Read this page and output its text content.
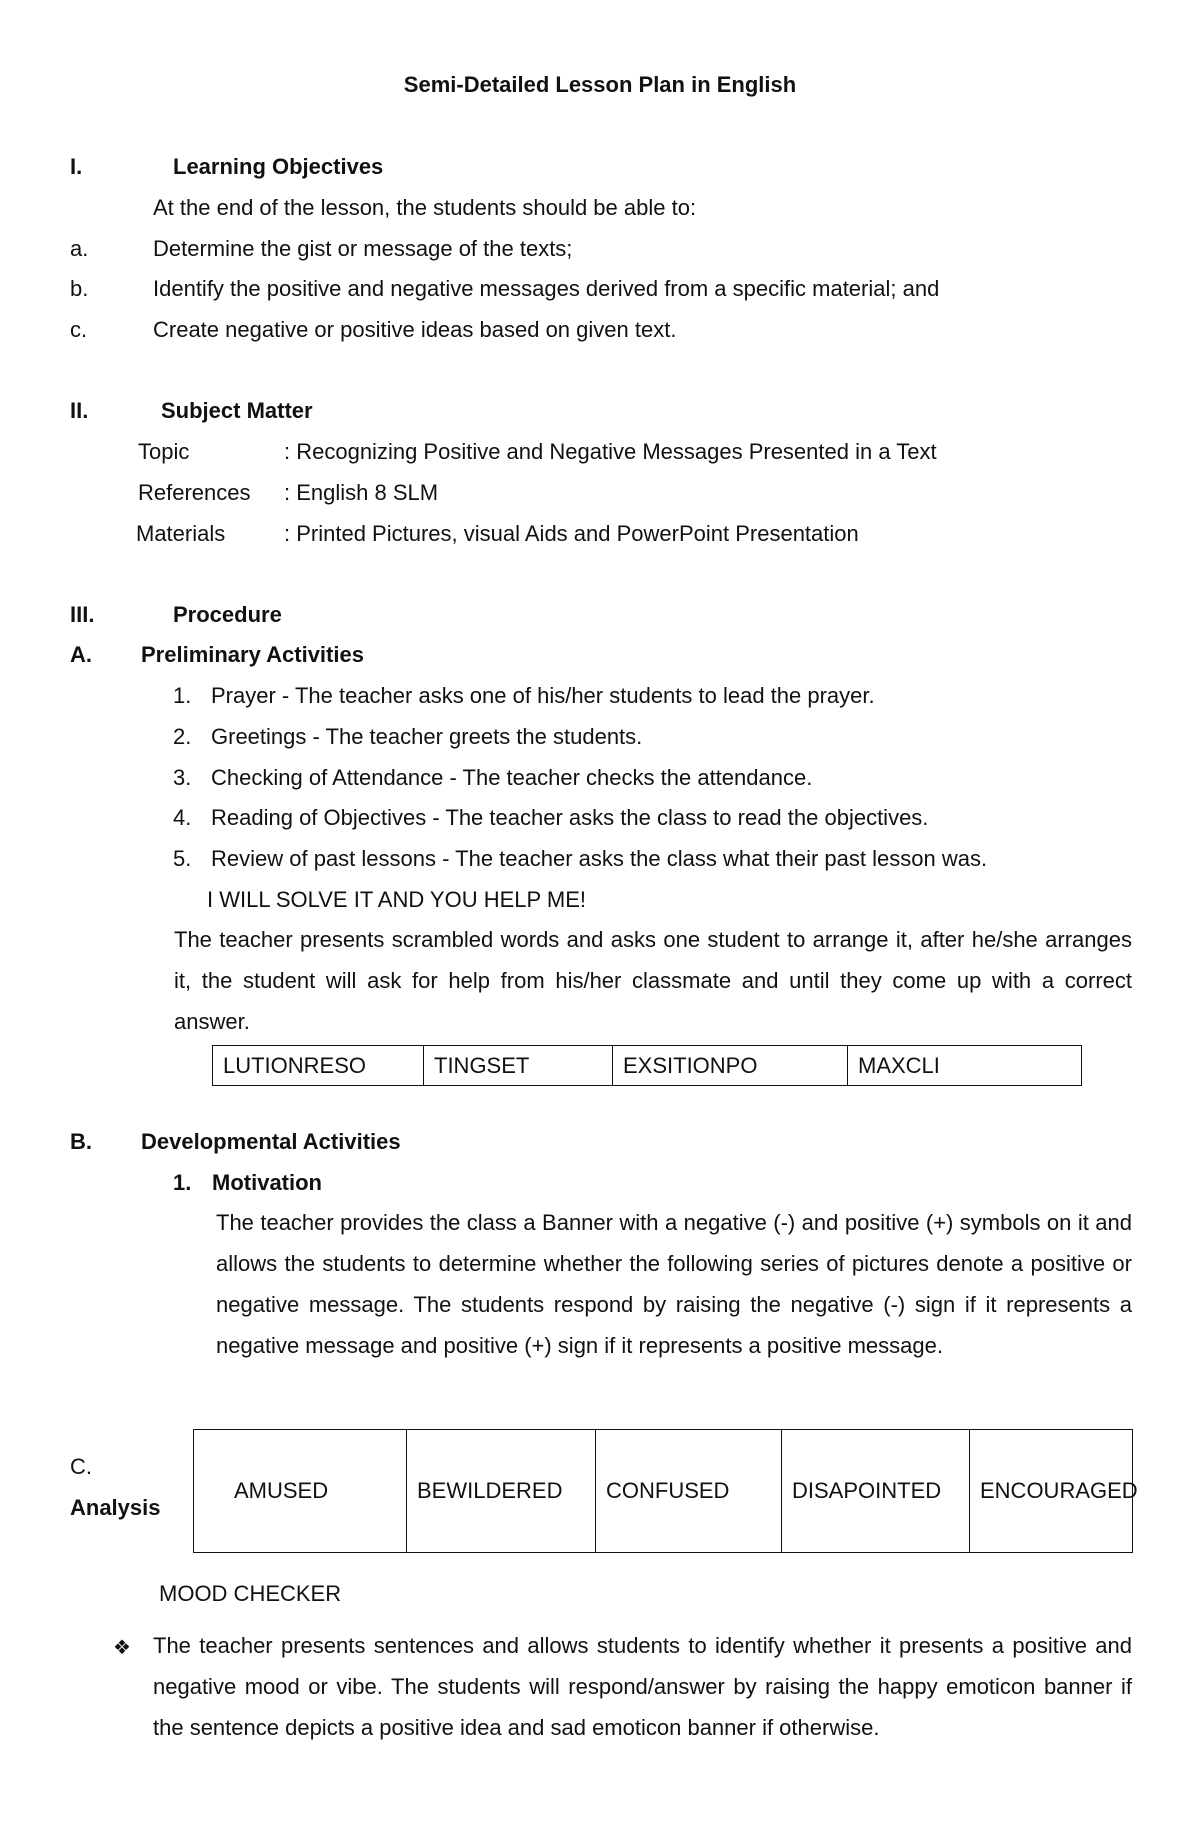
Semi-Detailed Lesson Plan in English
I.	Learning Objectives
At the end of the lesson, the students should be able to:
a.	Determine the gist or message of the texts;
b.	Identify the positive and negative messages derived from a specific material; and
c.	Create negative or positive ideas based on given text.
II.	Subject Matter
Topic	: Recognizing Positive and Negative Messages Presented in a Text
References : English 8 SLM
Materials	: Printed Pictures, visual Aids and PowerPoint Presentation
III.	Procedure
A. Preliminary Activities
1. Prayer - The teacher asks one of his/her students to lead the prayer.
2. Greetings - The teacher greets the students.
3. Checking of Attendance - The teacher checks the attendance.
4. Reading of Objectives - The teacher asks the class to read the objectives.
5. Review of past lessons - The teacher asks the class what their past lesson was.
I WILL SOLVE IT AND YOU HELP ME!
The teacher presents scrambled words and asks one student to arrange it, after he/she arranges it, the student will ask for help from his/her classmate and until they come up with a correct answer.
LUTIONRESO	TINGSET	EXSITIONPO	MAXCLI
B. Developmental Activities
1. Motivation
The teacher provides the class a Banner with a negative (-) and positive (+) symbols on it and allows the students to determine whether the following series of pictures denote a positive or negative message. The students respond by raising the negative (-) sign if it represents a negative message and positive (+) sign if it represents a positive message.
C.
Analysis
AMUSED	BEWILDERED	CONFUSED	DISAPOINTED	ENCOURAGED
MOOD CHECKER
❖ The teacher presents sentences and allows students to identify whether it presents a positive and negative mood or vibe. The students will respond/answer by raising the happy emoticon banner if the sentence depicts a positive idea and sad emoticon banner if otherwise.
